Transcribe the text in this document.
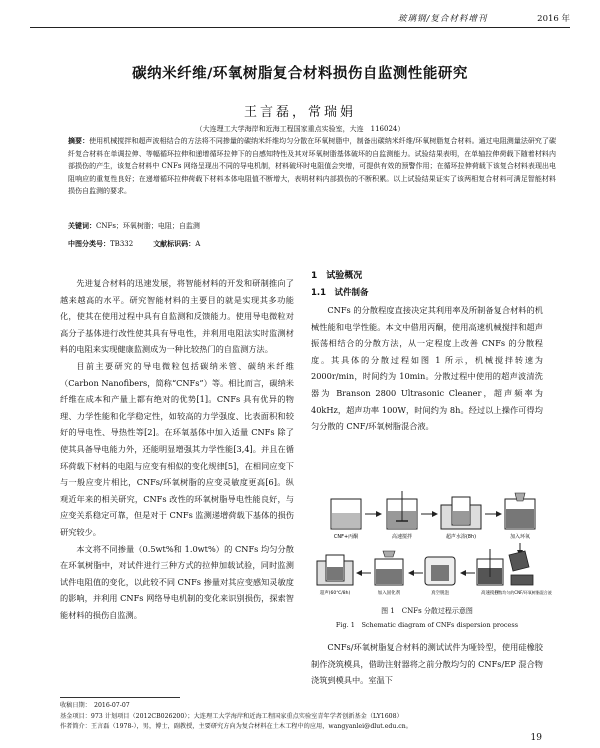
玻璃钢/复合材料增刊	2016 年
碳纳米纤维/环氧树脂复合材料损伤自监测性能研究
王言磊，常瑞娟
（大连理工大学海岸和近海工程国家重点实验室，大连　116024）
摘要：使用机械搅拌和超声波相结合的方法将不同掺量的碳纳米纤维均匀分散在环氧树脂中，制备出碳纳米纤维/环氧树脂复合材料。通过电阻测量法研究了碳纤复合材料在单调拉伸、等幅循环拉伸和递增循环拉伸下的自感知特性及其对环氧树脂基体破坏的自监测能力。试验结果表明，在单轴拉伸荷载下随着材料内部损伤的产生，该复合材料中 CNFs 网络呈现出不同的导电机制，材料破坏时电阻值会突增，可提供有效的预警作用；在循环拉伸荷载下该复合材料表现出电阻响应的重复性良好；在递增循环拉伸荷载下材料本体电阻值不断增大，表明材料内部损伤的不断积累。以上试验结果证实了该两相复合材料可满足智能材料损伤自监测的要求。
关键词：CNFs；环氧树脂；电阻；自监测
中图分类号：TB332	文献标识码：A

先进复合材料的迅速发展，将智能材料的开发和研制推向了越来越高的水平。研究智能材料的主要目的就是实现其多功能化，使其在使用过程中具有自监测和反馈能力。使用导电微粒对高分子基体进行改性使其具有导电性，并利用电阻法实时监测材料的电阻来实现健康监测成为一种比较热门的自监测方法。

目前主要研究的导电微粒包括碳纳米管、碳纳米纤维（Carbon Nanofibers，简称“CNFs”）等。相比而言，碳纳米纤维在成本和产量上都有绝对的优势[1]。CNFs 具有优异的物理、力学性能和化学稳定性，如较高的力学强度、比表面积和较好的导电性、导热性等[2]。在环氧基体中加入适量 CNFs 除了使其具备导电能力外，还能明显增强其力学性能[3,4]。并且在循环荷载下材料的电阻与应变有相似的变化规律[5]，在相同应变下与一般应变片相比，CNFs/环氧树脂的应变灵敏度更高[6]。纵观近年来的相关研究，CNFs 改性的环氧树脂导电性能良好，与应变关系稳定可靠，但是对于 CNFs 监测递增荷载下基体的损伤研究较少。

本文将不同掺量（0.5wt%和 1.0wt%）的 CNFs 均匀分散在环氧树脂中，对试件进行三种方式的拉伸加载试验，同时监测试件电阻值的变化，以此较不同 CNFs 掺量对其应变感知灵敏度的影响，并利用 CNFs 网络导电机制的变化来识别损伤，探索智能材料的损伤自监测。

1　试验概况
1.1　试件制备

CNFs 的分散程度直接决定其利用率及所制备复合材料的机械性能和电学性能。本文中借用丙酮，使用高速机械搅拌和超声振荡相结合的分散方法，从一定程度上改善 CNFs 的分散程度。其具体的分散过程如图 1 所示，机械搅拌转速为 2000r/min，时间约为 10min。分散过程中使用的超声波清洗器为 Branson 2800 Ultrasonic Cleaner，超声频率为 40kHz，超声功率 100W，时间约为 8h。经过以上操作可得均匀分散的 CNF/环氧树脂混合液。

CNF+丙酮	高速搅拌	超声水浴(8h)	加入环氧
超声(60℃/8h)	加入固化剂	真空脱泡	高速搅拌
分散均匀的CNF/环氧树脂混合液
图 1　CNFs 分散过程示意图
Fig. 1　Schematic diagram of CNFs dispersion process

CNFs/环氧树脂复合材料的测试试件为哑铃型，使用硅橡胶制作浇筑模具，借助注射器将之前分散均匀的 CNFs/EP 混合物浇筑到模具中。室温下

收稿日期：　2016-07-07
基金项目：973 计划项目（2012CB026200）；大连理工大学海岸和近海工程国家重点实验室青年学者创新基金（LY1608）
作者简介：王言磊（1978-），男，博士，副教授，主要研究方向为复合材料在土木工程中的应用，wangyanlei@dlut.edu.cn。
19
